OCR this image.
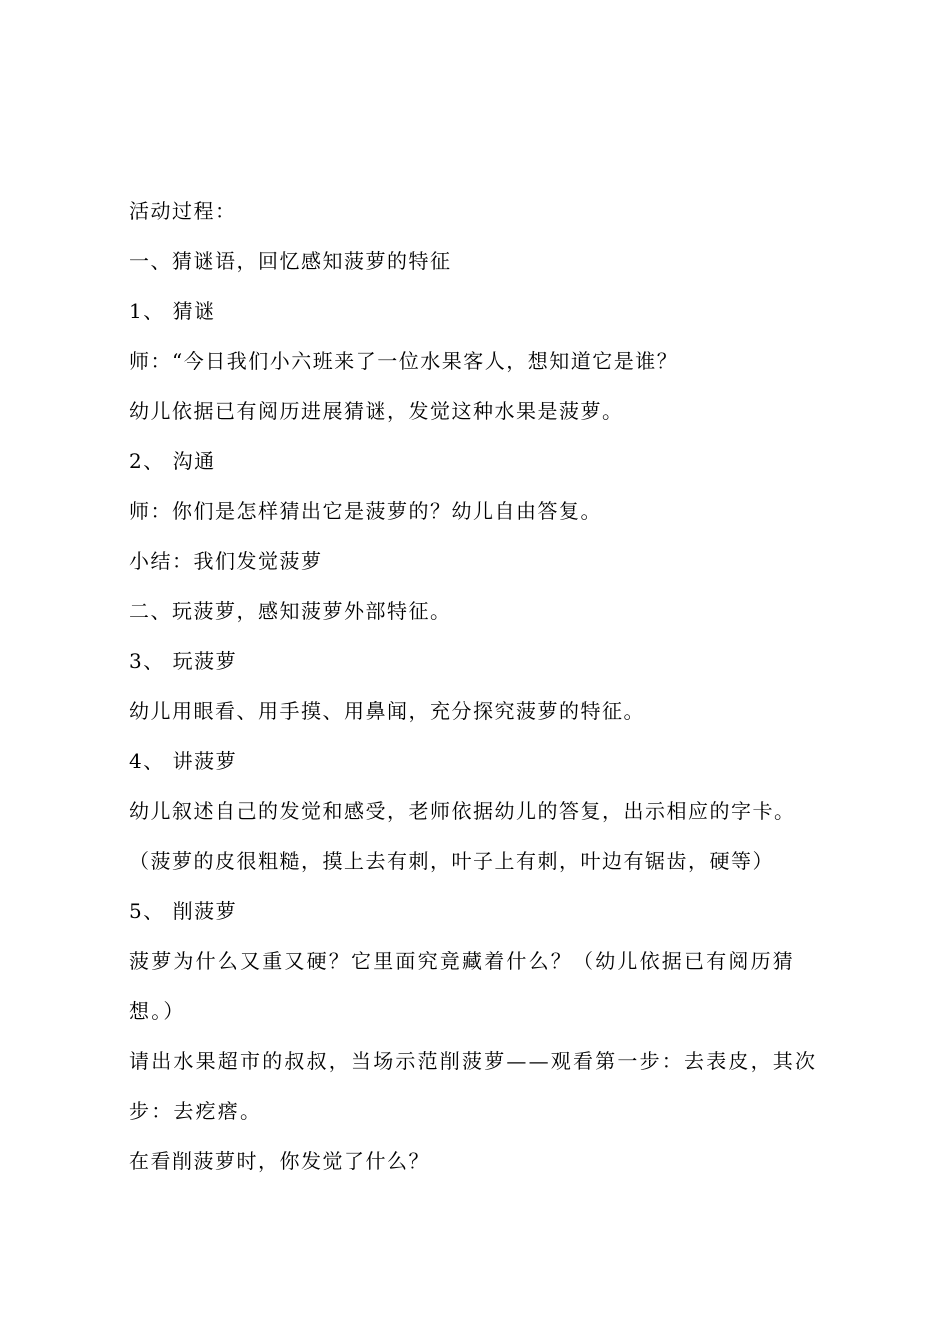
活动过程：
一、猜谜语，回忆感知菠萝的特征
1、 猜谜
师：“今日我们小六班来了一位水果客人，想知道它是谁？
幼儿依据已有阅历进展猜谜，发觉这种水果是菠萝。
2、 沟通
师：你们是怎样猜出它是菠萝的？幼儿自由答复。
小结：我们发觉菠萝
二、玩菠萝，感知菠萝外部特征。
3、 玩菠萝
幼儿用眼看、用手摸、用鼻闻，充分探究菠萝的特征。
4、 讲菠萝
幼儿叙述自己的发觉和感受，老师依据幼儿的答复，出示相应的字卡。
（菠萝的皮很粗糙，摸上去有刺，叶子上有刺，叶边有锯齿，硬等）
5、 削菠萝
菠萝为什么又重又硬？它里面究竟藏着什么？（幼儿依据已有阅历猜想。）
请出水果超市的叔叔，当场示范削菠萝——观看第一步：去表皮，其次步：去疙瘩。
在看削菠萝时，你发觉了什么？
